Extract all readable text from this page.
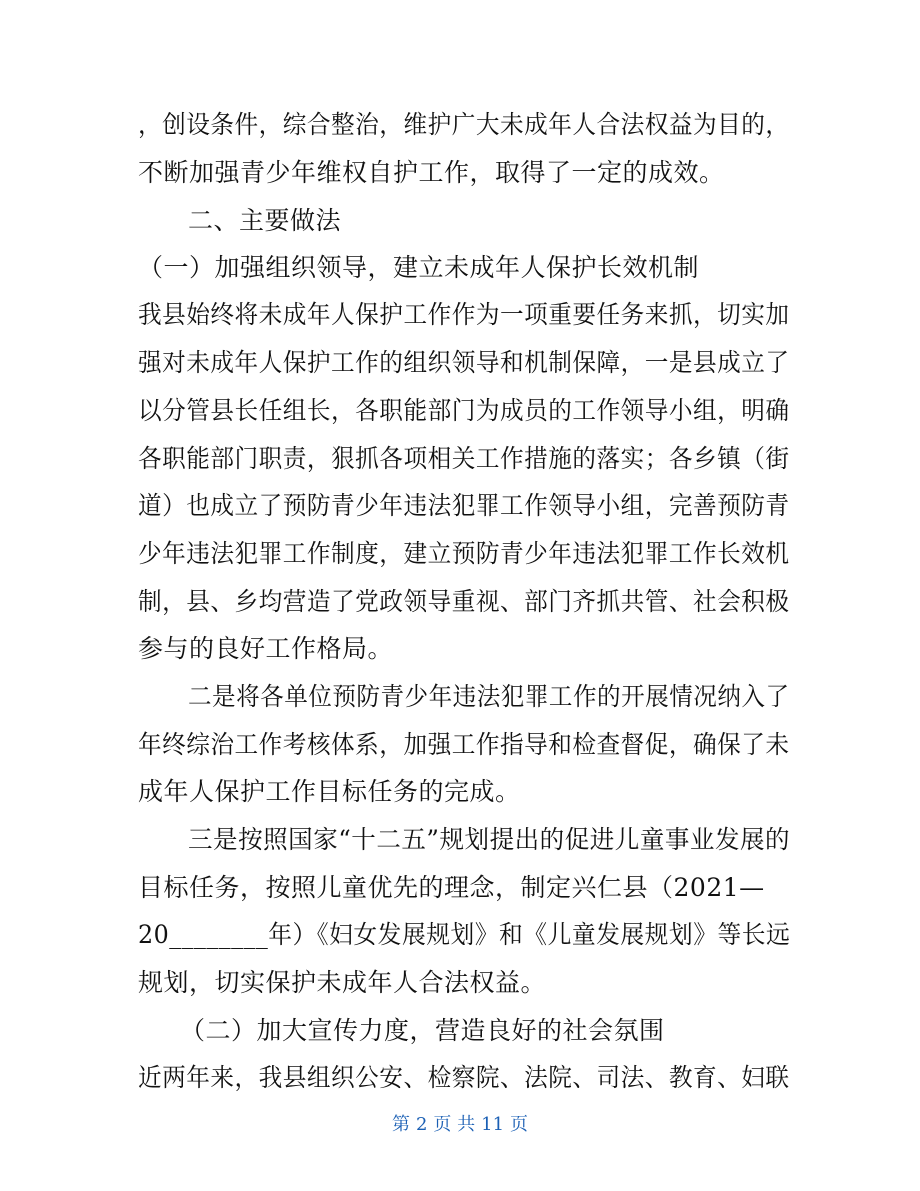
，创设条件，综合整治，维护广大未成年人合法权益为目的，
不断加强青少年维权自护工作，取得了一定的成效。
二、主要做法
（一）加强组织领导，建立未成年人保护长效机制
我县始终将未成年人保护工作作为一项重要任务来抓，切实加
强对未成年人保护工作的组织领导和机制保障，一是县成立了
以分管县长任组长，各职能部门为成员的工作领导小组，明确
各职能部门职责，狠抓各项相关工作措施的落实；各乡镇（街
道）也成立了预防青少年违法犯罪工作领导小组，完善预防青
少年违法犯罪工作制度，建立预防青少年违法犯罪工作长效机
制，县、乡均营造了党政领导重视、部门齐抓共管、社会积极
参与的良好工作格局。
二是将各单位预防青少年违法犯罪工作的开展情况纳入了
年终综治工作考核体系，加强工作指导和检查督促，确保了未
成年人保护工作目标任务的完成。
三是按照国家“十二五”规划提出的促进儿童事业发展的
目标任务，按照儿童优先的理念，制定兴仁县（2021—
20________年）《妇女发展规划》和《儿童发展规划》等长远
规划，切实保护未成年人合法权益。
（二）加大宣传力度，营造良好的社会氛围
近两年来，我县组织公安、检察院、法院、司法、教育、妇联
第 2 页 共 11 页
